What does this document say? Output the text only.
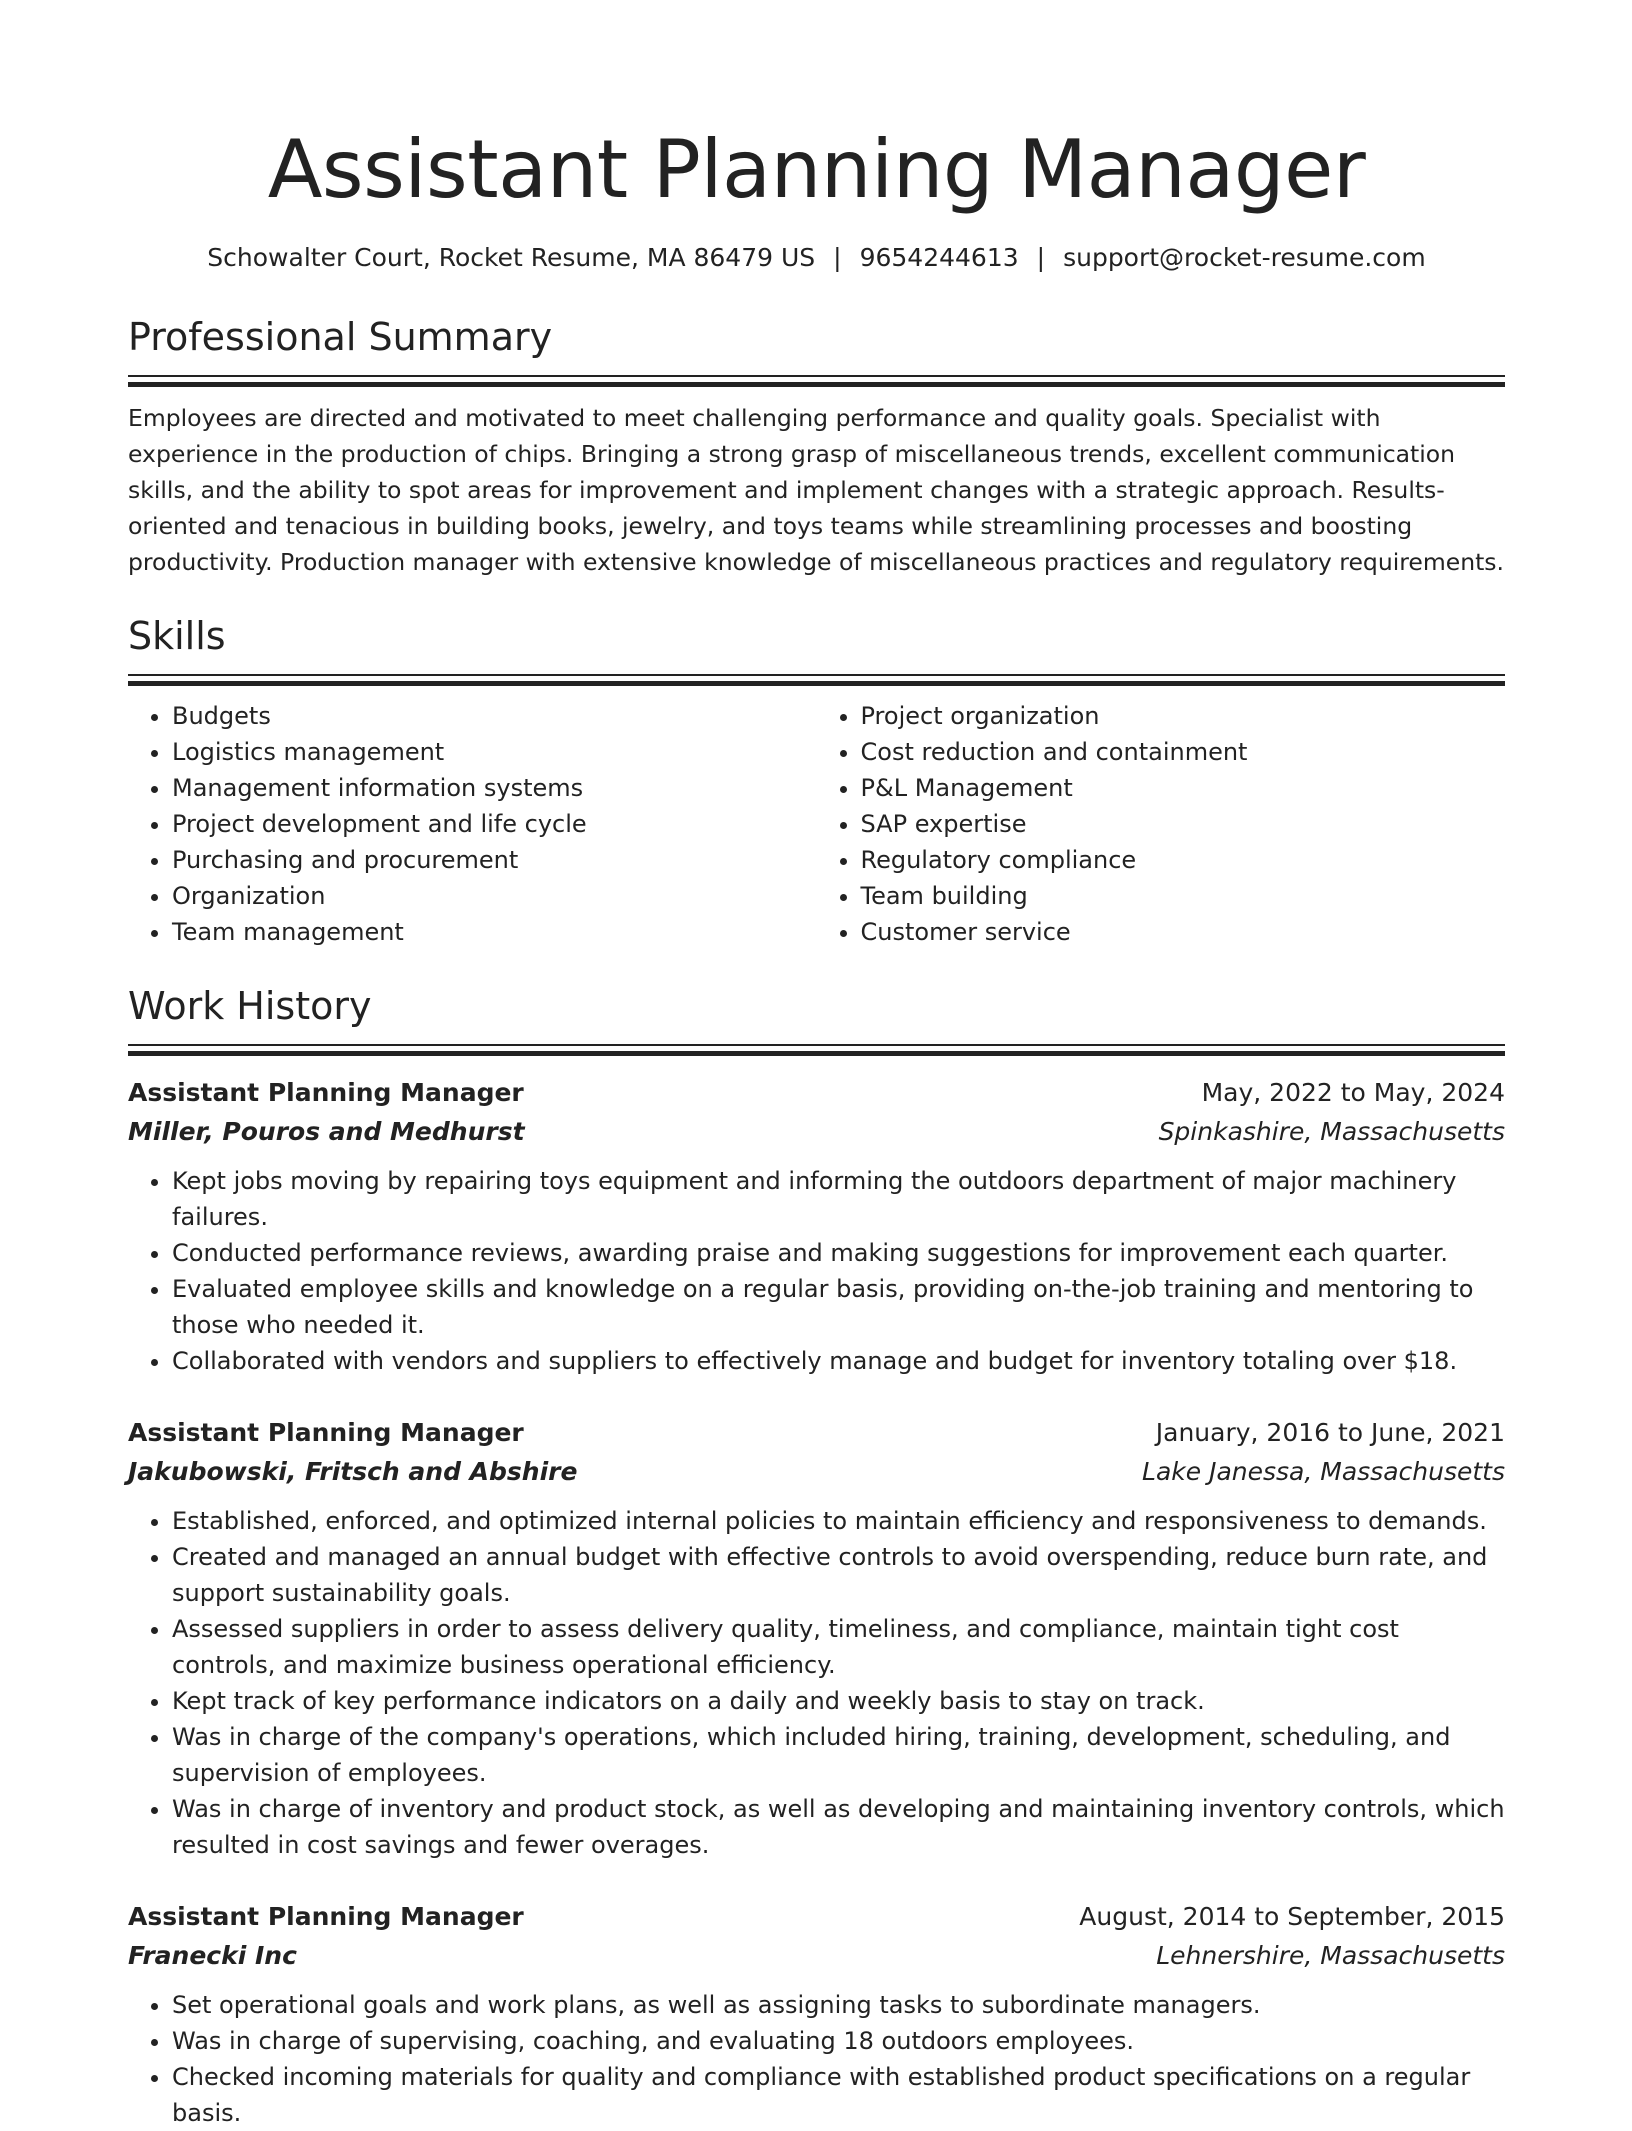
Assistant Planning Manager
Schowalter Court, Rocket Resume, MA 86479 US | 9654244613 | support@rocket-resume.com
Professional Summary

Employees are directed and motivated to meet challenging performance and quality goals. Specialist with experience in the production of chips. Bringing a strong grasp of miscellaneous trends, excellent communication skills, and the ability to spot areas for improvement and implement changes with a strategic approach. Results-oriented and tenacious in building books, jewelry, and toys teams while streamlining processes and boosting productivity. Production manager with extensive knowledge of miscellaneous practices and regulatory requirements.

Skills
• Budgets
• Logistics management
• Management information systems
• Project development and life cycle
• Purchasing and procurement
• Organization
• Team management
• Project organization
• Cost reduction and containment
• P&L Management
• SAP expertise
• Regulatory compliance
• Team building
• Customer service
Work History
Assistant Planning Manager	May, 2022 to May, 2024
Miller, Pouros and Medhurst	Spinkashire, Massachusetts
• Kept jobs moving by repairing toys equipment and informing the outdoors department of major machinery failures.
• Conducted performance reviews, awarding praise and making suggestions for improvement each quarter.
• Evaluated employee skills and knowledge on a regular basis, providing on-the-job training and mentoring to those who needed it.
• Collaborated with vendors and suppliers to effectively manage and budget for inventory totaling over $18.
Assistant Planning Manager	January, 2016 to June, 2021
Jakubowski, Fritsch and Abshire	Lake Janessa, Massachusetts
• Established, enforced, and optimized internal policies to maintain efficiency and responsiveness to demands.
• Created and managed an annual budget with effective controls to avoid overspending, reduce burn rate, and support sustainability goals.
• Assessed suppliers in order to assess delivery quality, timeliness, and compliance, maintain tight cost controls, and maximize business operational efficiency.
• Kept track of key performance indicators on a daily and weekly basis to stay on track.
• Was in charge of the company's operations, which included hiring, training, development, scheduling, and supervision of employees.
• Was in charge of inventory and product stock, as well as developing and maintaining inventory controls, which resulted in cost savings and fewer overages.
Assistant Planning Manager	August, 2014 to September, 2015
Franecki Inc	Lehnershire, Massachusetts
• Set operational goals and work plans, as well as assigning tasks to subordinate managers.
• Was in charge of supervising, coaching, and evaluating 18 outdoors employees.
• Checked incoming materials for quality and compliance with established product specifications on a regular basis.
